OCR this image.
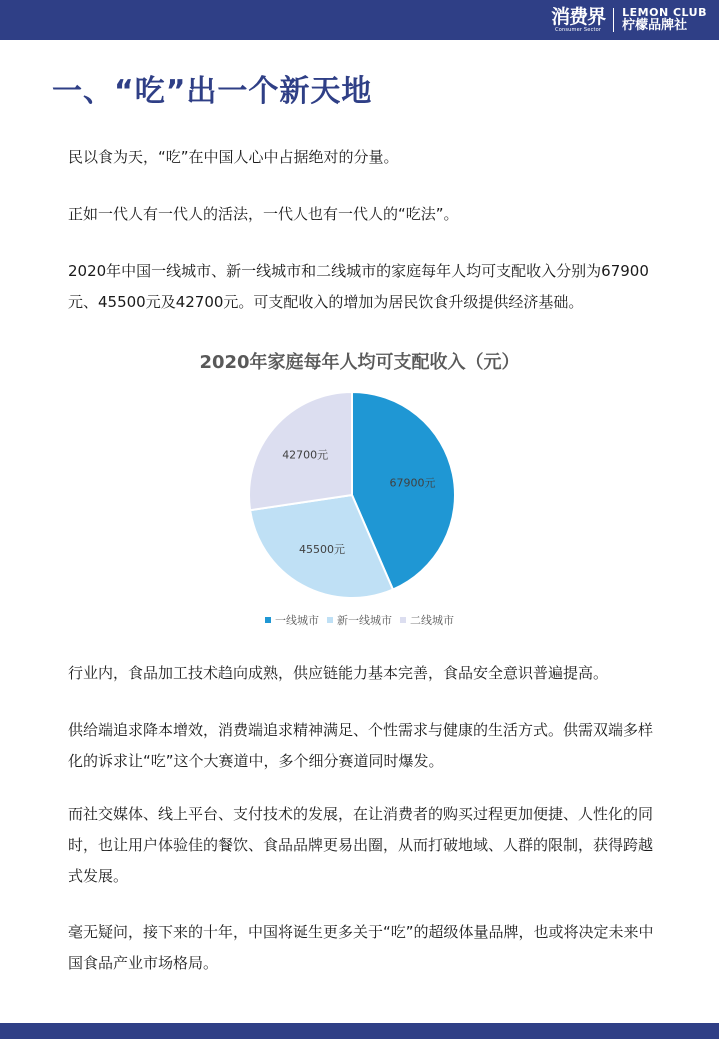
消费界
Consumer Sector
LEMON CLUB
柠檬品牌社
一、“吃”出一个新天地

民以食为天，“吃”在中国人心中占据绝对的分量。

正如一代人有一代人的活法，一代人也有一代人的“吃法”。

2020年中国一线城市、新一线城市和二线城市的家庭每年人均可支配收入分别为67900元、45500元及42700元。可支配收入的增加为居民饮食升级提供经济基础。

2020年家庭每年人均可支配收入（元）
67900元
45500元
42700元
一线城市 新一线城市 二线城市

行业内，食品加工技术趋向成熟，供应链能力基本完善，食品安全意识普遍提高。

供给端追求降本增效，消费端追求精神满足、个性需求与健康的生活方式。供需双端多样化的诉求让“吃”这个大赛道中，多个细分赛道同时爆发。

而社交媒体、线上平台、支付技术的发展，在让消费者的购买过程更加便捷、人性化的同时，也让用户体验佳的餐饮、食品品牌更易出圈，从而打破地域、人群的限制，获得跨越式发展。

毫无疑问，接下来的十年，中国将诞生更多关于“吃”的超级体量品牌，也或将决定未来中国食品产业市场格局。
